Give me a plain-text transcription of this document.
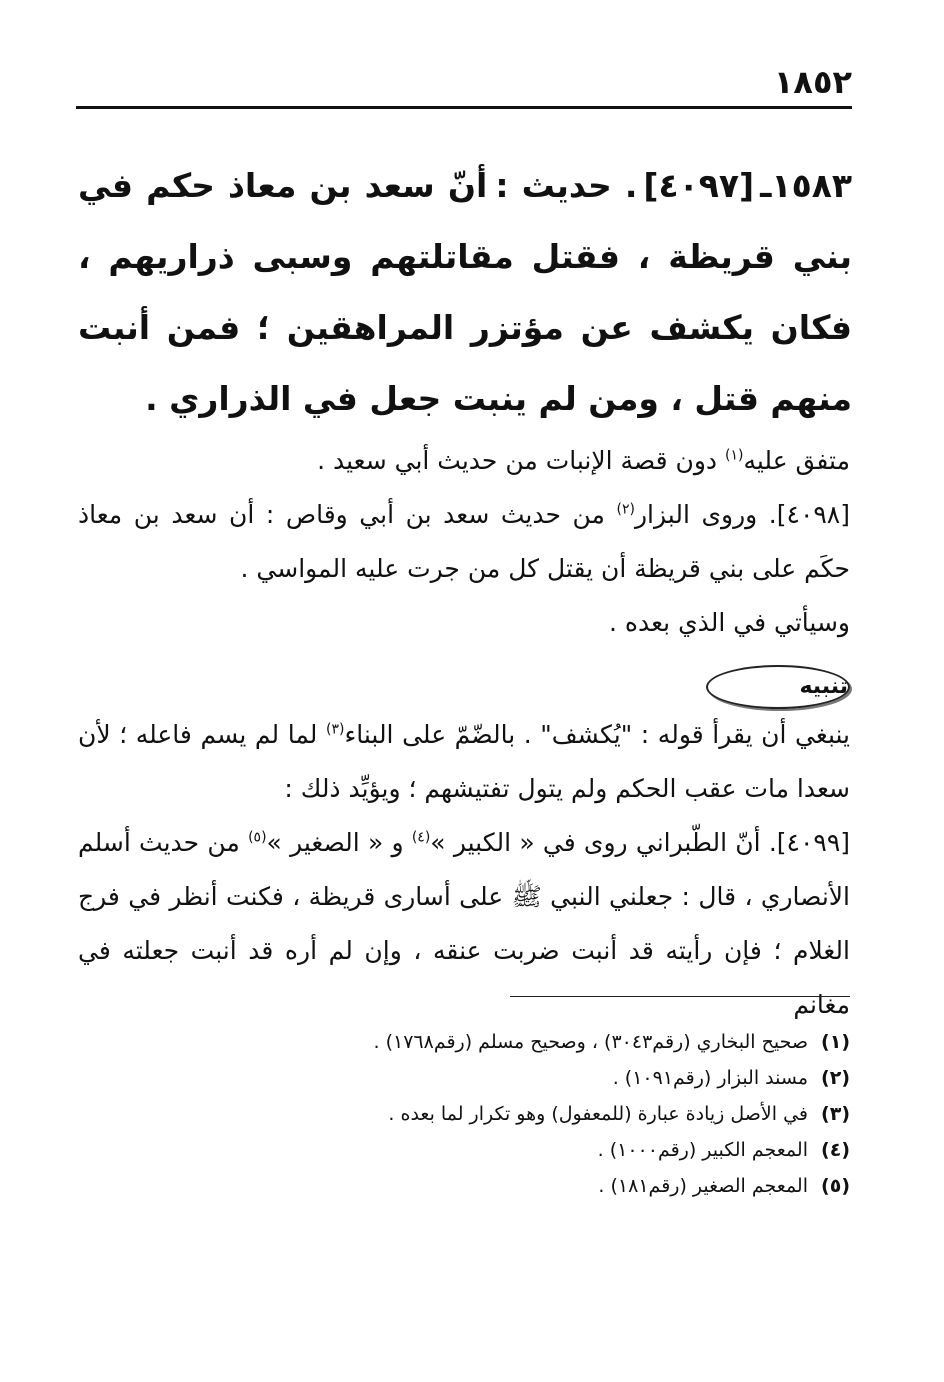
١٨٥٢
١٥٨٣ـ[٤٠٩٧]. حديث :أنّ سعد بن معاذ حكم في بني قريظة ، فقتل مقاتلتهم وسبى ذراريهم ، فكان يكشف عن مؤتزر المراهقين ؛ فمن أنبت منهم قتل ، ومن لم ينبت جعل في الذراري .

متفق عليه$^{(١)}$ دون قصة الإنبات من حديث أبي سعيد .

[٤٠٩٨]. وروى البزار$^{(٢)}$ من حديث سعد بن أبي وقاص : أن سعد بن معاذ حكَم على بني قريظة أن يقتل كل من جرت عليه المواسي .

وسيأتي في الذي بعده .

تنبيه

ينبغي أن يقرأ قوله : "يُكشف" . بالضّمّ على البناء$^{(٣)}$ لما لم يسم فاعله ؛ لأن سعدا مات عقب الحكم ولم يتول تفتيشهم ؛ ويؤيِّد ذلك :

[٤٠٩٩]. أنّ الطّبراني روى في « الكبير »$^{(٤)}$ و « الصغير »$^{(٥)}$ من حديث أسلم الأنصاري ، قال : جعلني النبي ﷺ على أسارى قريظة ، فكنت أنظر في فرج الغلام ؛ فإن رأيته قد أنبت ضربت عنقه ، وإن لم أره قد أنبت جعلته في مغانم

(١)
صحيح البخاري (رقم٣٠٤٣) ، وصحيح مسلم (رقم١٧٦٨) .
(٢)
مسند البزار (رقم١٠٩١) .
(٣)
في الأصل زيادة عبارة (للمعفول) وهو تكرار لما بعده .
(٤)
المعجم الكبير (رقم١٠٠٠) .
(٥)
المعجم الصغير (رقم١٨١) .
